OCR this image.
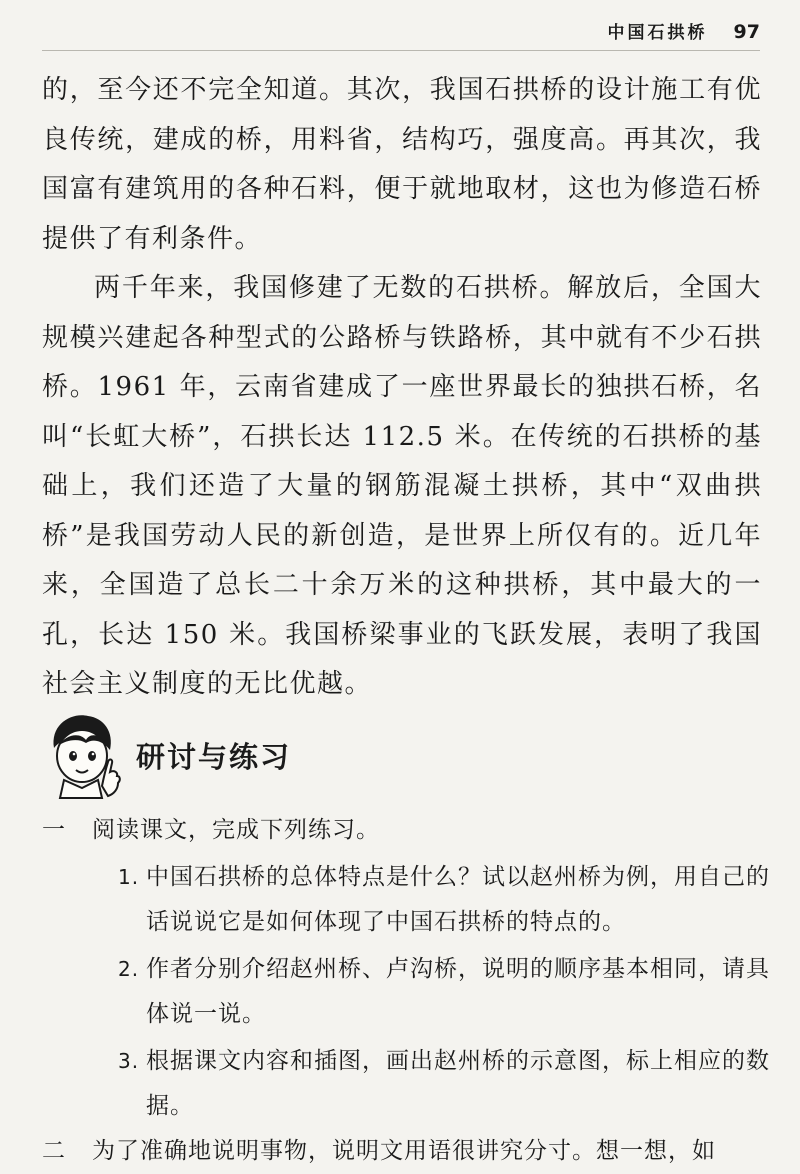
中国石拱桥 97

的，至今还不完全知道。其次，我国石拱桥的设计施工有优良传统，建成的桥，用料省，结构巧，强度高。再其次，我国富有建筑用的各种石料，便于就地取材，这也为修造石桥提供了有利条件。

两千年来，我国修建了无数的石拱桥。解放后，全国大规模兴建起各种型式的公路桥与铁路桥，其中就有不少石拱桥。1961 年，云南省建成了一座世界最长的独拱石桥，名叫“长虹大桥”，石拱长达 112.5 米。在传统的石拱桥的基础上，我们还造了大量的钢筋混凝土拱桥，其中“双曲拱桥”是我国劳动人民的新创造，是世界上所仅有的。近几年来，全国造了总长二十余万米的这种拱桥，其中最大的一孔，长达 150 米。我国桥梁事业的飞跃发展，表明了我国社会主义制度的无比优越。

研讨与练习
一	阅读课文，完成下列练习。
1. 中国石拱桥的总体特点是什么？试以赵州桥为例，用自己的话说说它是如何体现了中国石拱桥的特点的。
2. 作者分别介绍赵州桥、卢沟桥，说明的顺序基本相同，请具体说一说。
3. 根据课文内容和插图，画出赵州桥的示意图，标上相应的数据。
二	为了准确地说明事物，说明文用语很讲究分寸。想一想，如
